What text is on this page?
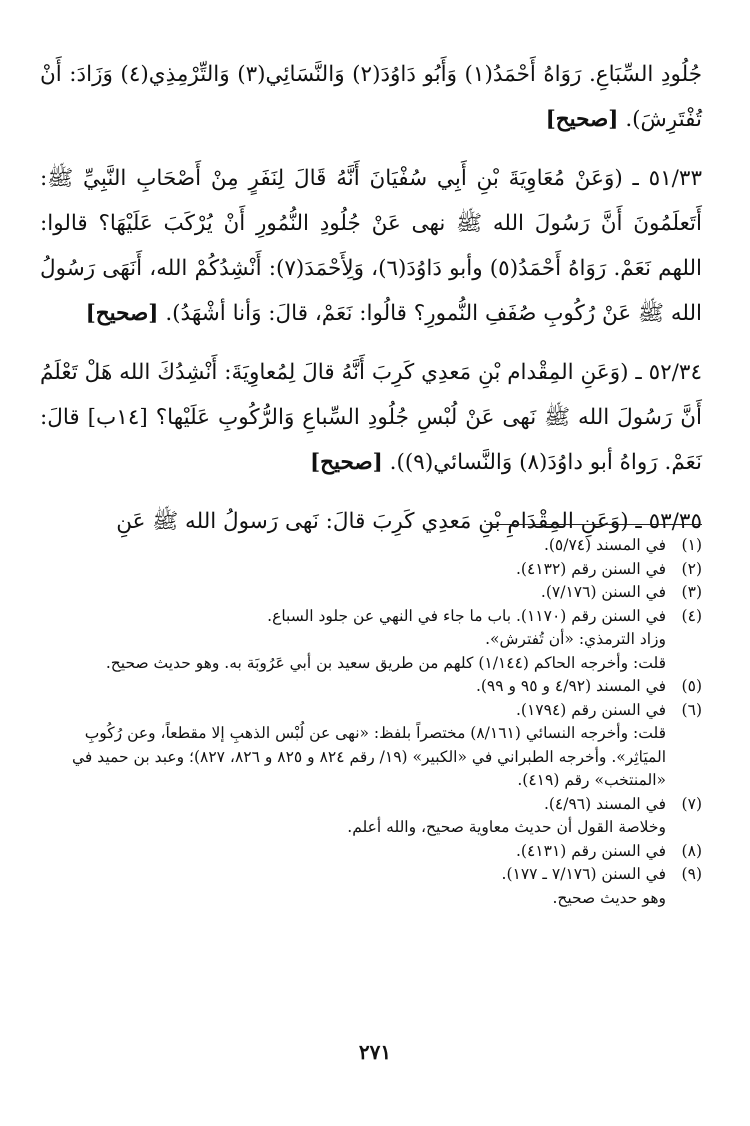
جُلُودِ السِّبَاعِ. رَوَاهُ أَحْمَدُ(١) وَأَبُو دَاوُدَ(٢) وَالنَّسَائِي(٣) وَالتِّرْمِذِي(٤) وَزَادَ: أَنْ تُفْتَرِشَ). [صحيح]

٥١/٣٣ ـ (وَعَنْ مُعَاوِيَةَ بْنِ أَبِي سُفْيَانَ أَنَّهُ قَالَ لِنَفَرٍ مِنْ أَصْحَابِ النَّبِيِّ ﷺ: أَتَعلَمُونَ أَنَّ رَسُولَ الله ﷺ نهى عَنْ جُلُودِ النُّمُورِ أَنْ يُرْكَبَ عَلَيْهَا؟ قالوا: اللهم نَعَمْ. رَوَاهُ أَحْمَدُ(٥) وأبو دَاوُدَ(٦)، وَلِأَحْمَدَ(٧): أَنْشِدُكُمْ الله، أَنَهَى رَسُولُ الله ﷺ عَنْ رُكُوبِ صُفَفِ النُّمورِ؟ قالُوا: نَعَمْ، قالَ: وَأنا أشْهَدُ). [صحيح]

٥٢/٣٤ ـ (وَعَنِ المِقْدام بْنِ مَعدِي كَرِبَ أَنَّهُ قالَ لِمُعاوِيَةَ: أَنْشِدُكَ الله هَلْ تَعْلَمُ أَنَّ رَسُولَ الله ﷺ نَهى عَنْ لُبْسِ جُلُودِ السِّباعِ وَالرُّكُوبِ عَلَيْها؟ [١٤ب] قالَ: نَعَمْ. رَواهُ أبو داوُدَ(٨) وَالنَّسائي(٩)). [صحيح]

٥٣/٣٥ ـ (وَعَنِ المِقْدَامِ بْنِ مَعدِي كَرِبَ قالَ: نَهى رَسولُ الله ﷺ عَنِ

(١)
في المسند (٥/٧٤).
(٢)
في السنن رقم (٤١٣٢).
(٣)
في السنن (٧/١٧٦).
(٤)
في السنن رقم (١١٧٠). باب ما جاء في النهي عن جلود السباع.
وزاد الترمذي: «أن تُفترش».
قلت: وأخرجه الحاكم (١/١٤٤) كلهم من طريق سعيد بن أبي عَرُوبَة به. وهو حديث صحيح.
(٥)
في المسند (٤/٩٢ و ٩٥ و ٩٩).
(٦)
في السنن رقم (١٧٩٤).
قلت: وأخرجه النسائي (٨/١٦١) مختصراً بلفظ: «نهى عن لُبْس الذهبِ إلا مقطعاً، وعن رُكُوبِ الميَاثِر». وأخرجه الطبراني في «الكبير» (١٩/ رقم ٨٢٤ و ٨٢٥ و ٨٢٦، ٨٢٧)؛ وعبد بن حميد في «المنتخب» رقم (٤١٩).
(٧)
في المسند (٤/٩٦).
وخلاصة القول أن حديث معاوية صحيح، والله أعلم.
(٨)
في السنن رقم (٤١٣١).
(٩)
في السنن (٧/١٧٦ ـ ١٧٧).
وهو حديث صحيح.
٢٧١
